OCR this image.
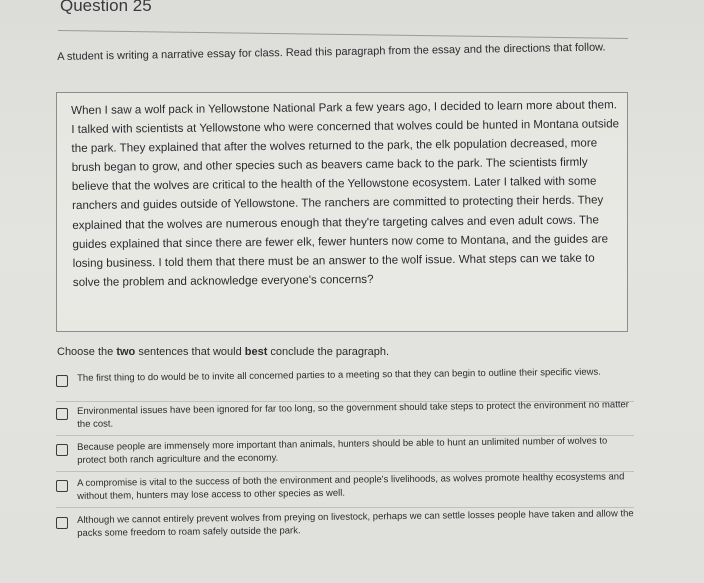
Question 25
A student is writing a narrative essay for class. Read this paragraph from the essay and the directions that follow.
When I saw a wolf pack in Yellowstone National Park a few years ago, I decided to learn more about them. I talked with scientists at Yellowstone who were concerned that wolves could be hunted in Montana outside the park. They explained that after the wolves returned to the park, the elk population decreased, more brush began to grow, and other species such as beavers came back to the park. The scientists firmly believe that the wolves are critical to the health of the Yellowstone ecosystem. Later I talked with some ranchers and guides outside of Yellowstone. The ranchers are committed to protecting their herds. They explained that the wolves are numerous enough that they're targeting calves and even adult cows. The guides explained that since there are fewer elk, fewer hunters now come to Montana, and the guides are losing business. I told them that there must be an answer to the wolf issue. What steps can we take to solve the problem and acknowledge everyone's concerns?
Choose the two sentences that would best conclude the paragraph.
The first thing to do would be to invite all concerned parties to a meeting so that they can begin to outline their specific views.
Environmental issues have been ignored for far too long, so the government should take steps to protect the environment no matter the cost.
Because people are immensely more important than animals, hunters should be able to hunt an unlimited number of wolves to protect both ranch agriculture and the economy.
A compromise is vital to the success of both the environment and people's livelihoods, as wolves promote healthy ecosystems and without them, hunters may lose access to other species as well.
Although we cannot entirely prevent wolves from preying on livestock, perhaps we can settle losses people have taken and allow the packs some freedom to roam safely outside the park.
